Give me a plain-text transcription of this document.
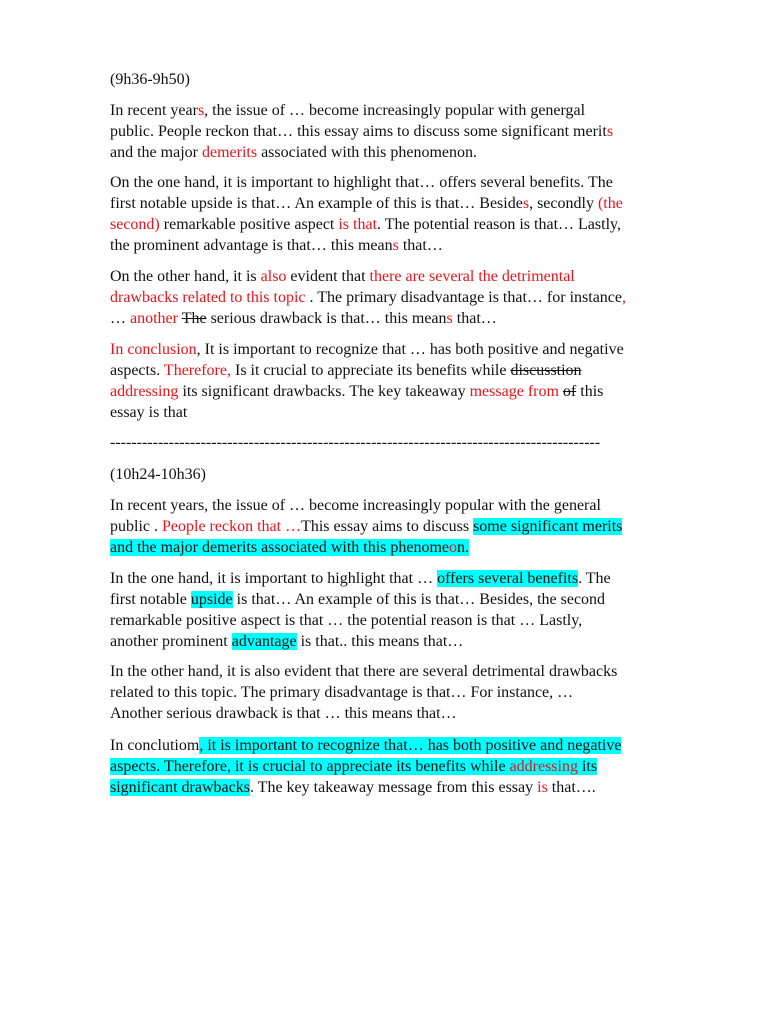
(9h36-9h50)
In recent years, the issue of … become increasingly popular with genergal
public. People reckon that… this essay aims to discuss some significant merits
and the major demerits associated with this phenomenon.
On the one hand, it is important to highlight that… offers several benefits. The
first notable upside is that… An example of this is that… Besides, secondly (the
second) remarkable positive aspect is that. The potential reason is that… Lastly,
the prominent advantage is that… this means that…
On the other hand, it is also evident that there are several the detrimental
drawbacks related to this topic . The primary disadvantage is that… for instance,
… another The serious drawback is that… this means that…
In conclusion, It is important to recognize that … has both positive and negative
aspects. Therefore, Is it crucial to appreciate its benefits while discusstion
addressing its significant drawbacks. The key takeaway message from of this
essay is that
--------------------------------------------------------------------------------------------
(10h24-10h36)
In recent years, the issue of … become increasingly popular with the general
public . People reckon that …This essay aims to discuss some significant merits
and the major demerits associated with this phenomeon.
In the one hand, it is important to highlight that … offers several benefits. The
first notable upside is that… An example of this is that… Besides, the second
remarkable positive aspect is that … the potential reason is that … Lastly,
another prominent advantage is that.. this means that…
In the other hand, it is also evident that there are several detrimental drawbacks
related to this topic. The primary disadvantage is that… For instance, …
Another serious drawback is that … this means that…
In conclutiom, it is important to recognize that… has both positive and negative
aspects. Therefore, it is crucial to appreciate its benefits while addressing its
significant drawbacks. The key takeaway message from this essay is that….
